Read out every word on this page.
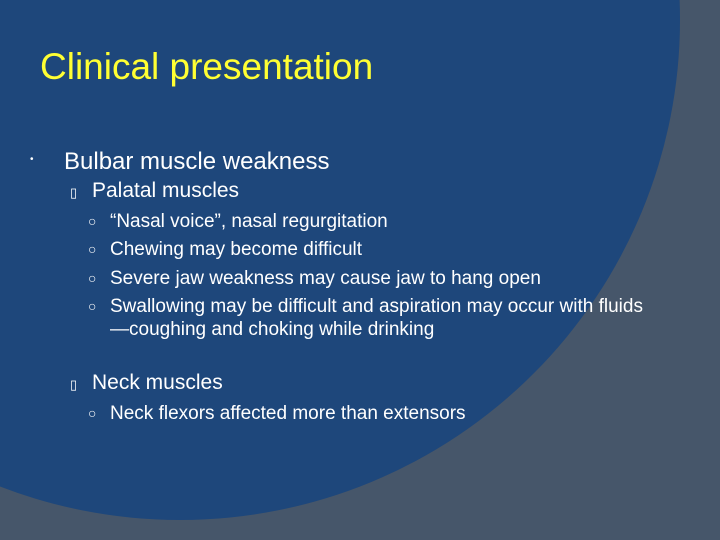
Clinical presentation
• Bulbar muscle weakness
▯ Palatal muscles
○ “Nasal voice”, nasal regurgitation
○ Chewing may become difficult
○ Severe jaw weakness may cause jaw to hang open
○ Swallowing may be difficult and aspiration may occur with fluids—coughing and choking while drinking
▯ Neck muscles
○ Neck flexors affected more than extensors
